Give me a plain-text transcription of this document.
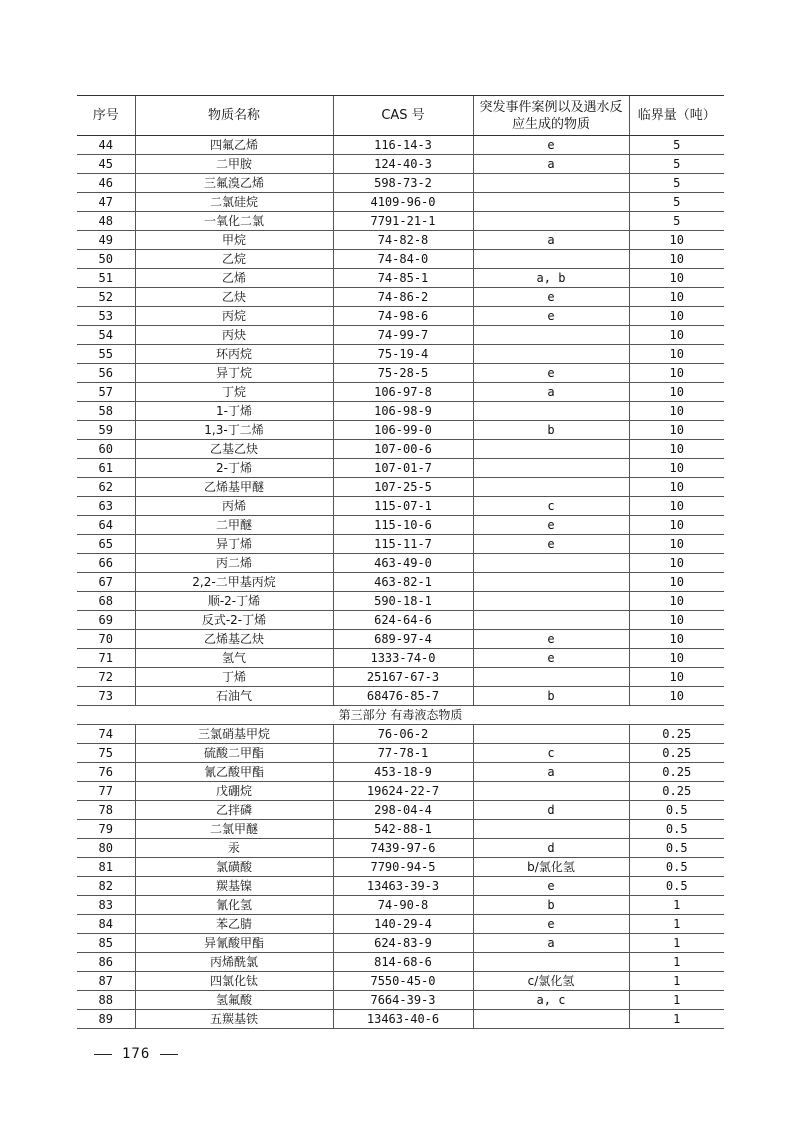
序号	物质名称	CAS 号	突发事件案例以及遇水反应生成的物质	临界量（吨）
44	四氟乙烯	116-14-3	e	5
45	二甲胺	124-40-3	a	5
46	三氟溴乙烯	598-73-2		5
47	二氯硅烷	4109-96-0		5
48	一氧化二氯	7791-21-1		5
49	甲烷	74-82-8	a	10
50	乙烷	74-84-0		10
51	乙烯	74-85-1	a, b	10
52	乙炔	74-86-2	e	10
53	丙烷	74-98-6	e	10
54	丙炔	74-99-7		10
55	环丙烷	75-19-4		10
56	异丁烷	75-28-5	e	10
57	丁烷	106-97-8	a	10
58	1-丁烯	106-98-9		10
59	1,3-丁二烯	106-99-0	b	10
60	乙基乙炔	107-00-6		10
61	2-丁烯	107-01-7		10
62	乙烯基甲醚	107-25-5		10
63	丙烯	115-07-1	c	10
64	二甲醚	115-10-6	e	10
65	异丁烯	115-11-7	e	10
66	丙二烯	463-49-0		10
67	2,2-二甲基丙烷	463-82-1		10
68	顺-2-丁烯	590-18-1		10
69	反式-2-丁烯	624-64-6		10
70	乙烯基乙炔	689-97-4	e	10
71	氢气	1333-74-0	e	10
72	丁烯	25167-67-3		10
73	石油气	68476-85-7	b	10
第三部分 有毒液态物质				
74	三氯硝基甲烷	76-06-2		0.25
75	硫酸二甲酯	77-78-1	c	0.25
76	氰乙酸甲酯	453-18-9	a	0.25
77	戊硼烷	19624-22-7		0.25
78	乙拌磷	298-04-4	d	0.5
79	二氯甲醚	542-88-1		0.5
80	汞	7439-97-6	d	0.5
81	氯磺酸	7790-94-5	b/氯化氢	0.5
82	羰基镍	13463-39-3	e	0.5
83	氰化氢	74-90-8	b	1
84	苯乙腈	140-29-4	e	1
85	异氰酸甲酯	624-83-9	a	1
86	丙烯酰氯	814-68-6		1
87	四氯化钛	7550-45-0	c/氯化氢	1
88	氢氟酸	7664-39-3	a, c	1
89	五羰基铁	13463-40-6		1
176
